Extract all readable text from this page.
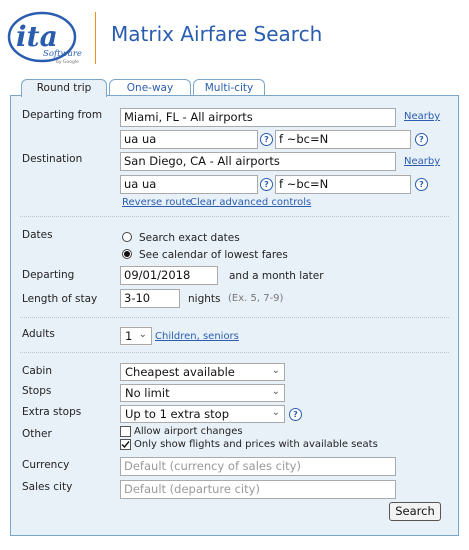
ita
Software
by Google
Matrix Airfare Search
Round trip	One-way	Multi-city
Departing from	Miami, FL - All airports	Nearby
ua ua	? f ~bc=N	?
Destination	San Diego, CA - All airports	Nearby
ua ua	? f ~bc=N	?
Reverse route
Clear advanced controls
Dates	Search exact dates
See calendar of lowest fares
Departing	09/01/2018	and a month later
Length of stay	3-10	nights (Ex. 5, 7-9)
Adults	1 ⌄ Children, seniors
Cabin	Cheapest available	⌄
Stops	No limit	⌄
Extra stops	Up to 1 extra stop	⌄	?
Other	Allow airport changes
Only show flights and prices with available seats
Currency	Default (currency of sales city)
Sales city	Default (departure city)
Search
